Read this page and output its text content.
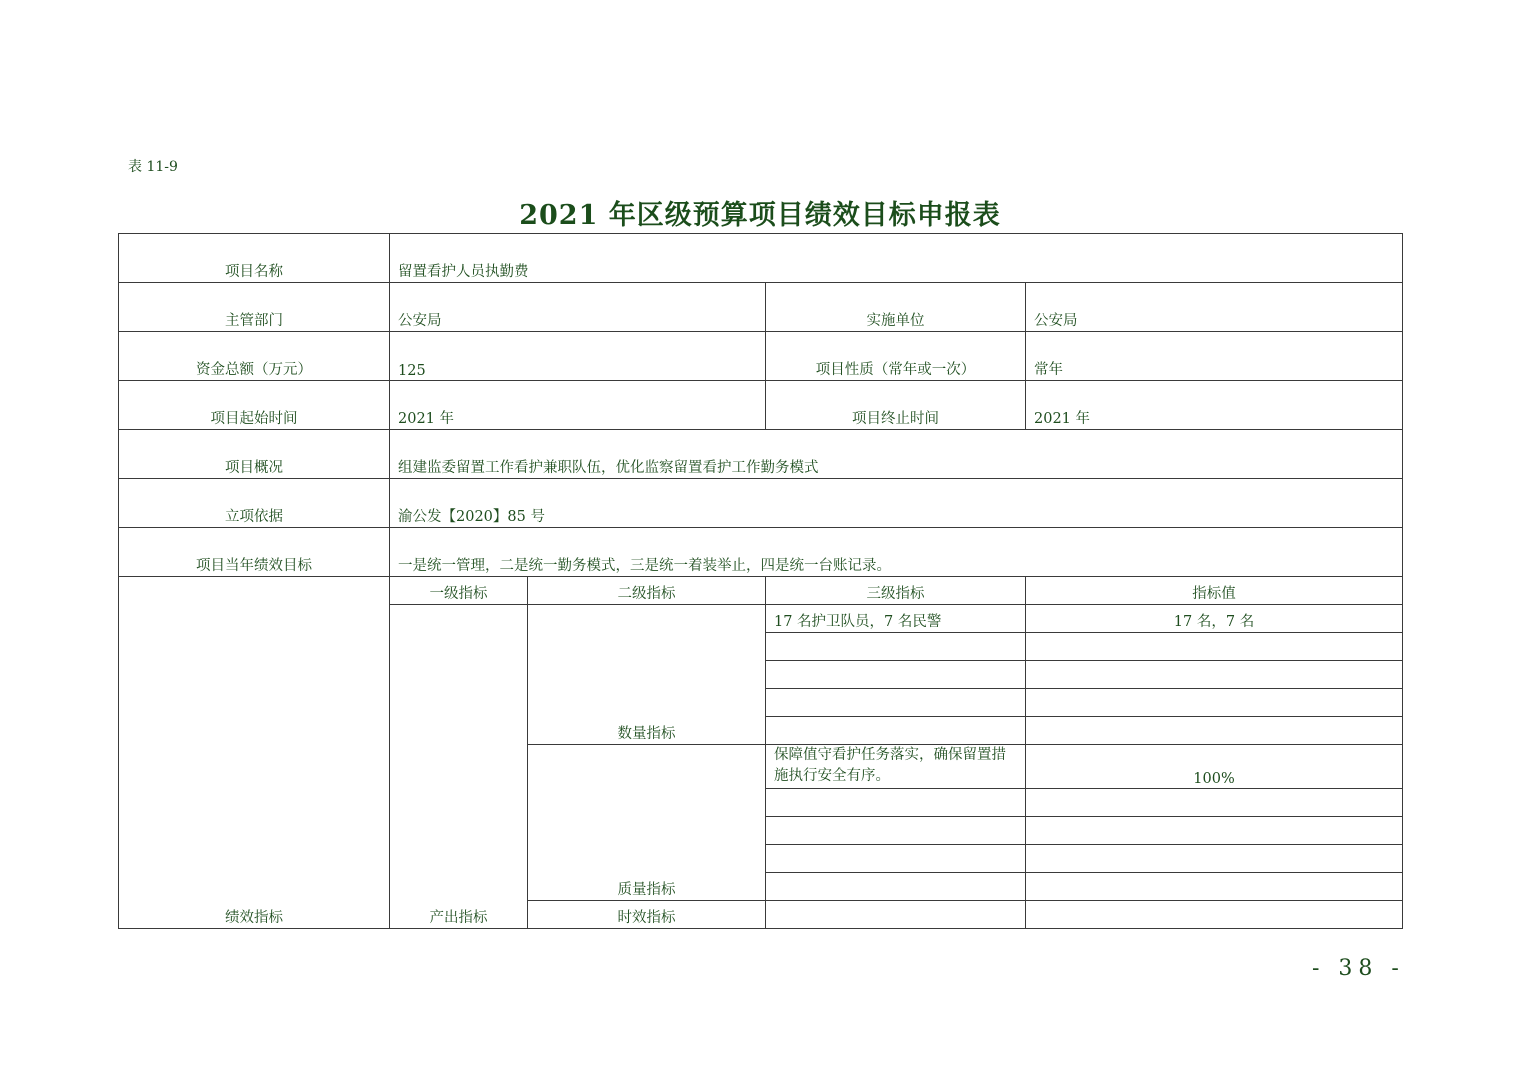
表 11-9
2021 年区级预算项目绩效目标申报表
项目名称	留置看护人员执勤费			
主管部门	公安局		实施单位	公安局
资金总额（万元）	125		项目性质（常年或一次）	常年
项目起始时间	2021 年		项目终止时间	2021 年
项目概况	组建监委留置工作看护兼职队伍，优化监察留置看护工作勤务模式			
立项依据	渝公发【2020】85 号			
项目当年绩效目标	一是统一管理，二是统一勤务模式，三是统一着装举止，四是统一台账记录。			
绩效指标	一级指标	二级指标	三级指标	指标值
	产出指标	数量指标	17 名护卫队员，7 名民警	17 名，7 名

		质量指标	保障值守看护任务落实，确保留置措施执行安全有序。	100%

		时效指标		
- 38 -
